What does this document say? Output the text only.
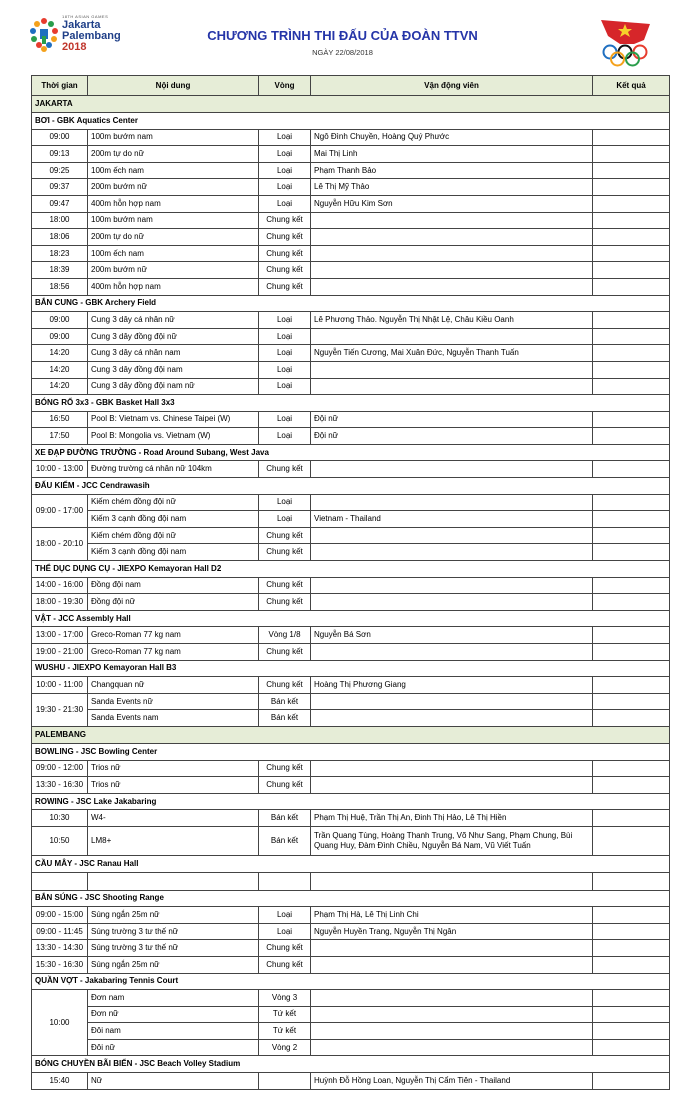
18TH ASIAN GAMES
Jakarta
Palembang
2018
CHƯƠNG TRÌNH THI ĐẤU CỦA ĐOÀN TTVN
NGÀY 22/08/2018
Thời gian	Nội dung	Vòng	Vận động viên	Kết quả
JAKARTA				
BƠI - GBK Aquatics Center				
09:00	100m bướm nam	Loại	Ngô Đình Chuyền, Hoàng Quý Phước	
09:13	200m tự do nữ	Loại	Mai Thị Linh	
09:25	100m ếch nam	Loại	Phạm Thanh Bảo	
09:37	200m bướm nữ	Loại	Lê Thị Mỹ Thảo	
09:47	400m hỗn hợp nam	Loại	Nguyễn Hữu Kim Sơn	
18:00	100m bướm nam	Chung kết		
18:06	200m tự do nữ	Chung kết		
18:23	100m ếch nam	Chung kết		
18:39	200m bướm nữ	Chung kết		
18:56	400m hỗn hợp nam	Chung kết		
BẮN CUNG - GBK Archery Field				
09:00	Cung 3 dây cá nhân nữ	Loại	Lê Phương Thảo. Nguyễn Thị Nhật Lệ, Châu Kiều Oanh	
09:00	Cung 3 dây đồng đội nữ	Loại		
14:20	Cung 3 dây cá nhân nam	Loại	Nguyễn Tiến Cương, Mai Xuân Đức, Nguyễn Thanh Tuấn	
14:20	Cung 3 dây đồng đội nam	Loại		
14:20	Cung 3 dây đồng đội nam nữ	Loại		
BÓNG RỔ 3x3 - GBK Basket Hall 3x3				
16:50	Pool B: Vietnam vs. Chinese Taipei (W)	Loại	Đội nữ	
17:50	Pool B: Mongolia vs. Vietnam (W)	Loại	Đội nữ	
XE ĐẠP ĐƯỜNG TRƯỜNG - Road Around Subang, West Java				
10:00 - 13:00	Đường trường cá nhân nữ 104km	Chung kết		
ĐẤU KIẾM - JCC Cendrawasih				
09:00 - 17:00	Kiếm chém đồng đội nữ	Loại		
	Kiếm 3 cạnh đồng đội nam	Loại	Vietnam - Thailand	
18:00 - 20:10	Kiếm chém đồng đội nữ	Chung kết		
	Kiếm 3 cạnh đồng đội nam	Chung kết		
THỂ DỤC DỤNG CỤ - JIEXPO Kemayoran Hall D2				
14:00 - 16:00	Đồng đội nam	Chung kết		
18:00 - 19:30	Đồng đội nữ	Chung kết		
VẬT - JCC Assembly Hall				
13:00 - 17:00	Greco-Roman 77 kg nam	Vòng 1/8	Nguyễn Bá Sơn	
19:00 - 21:00	Greco-Roman 77 kg nam	Chung kết		
WUSHU - JIEXPO Kemayoran Hall B3				
10:00 - 11:00	Changquan nữ	Chung kết	Hoàng Thị Phương Giang	
19:30 - 21:30	Sanda Events nữ	Bán kết		
	Sanda Events nam	Bán kết		
PALEMBANG				
BOWLING - JSC Bowling Center				
09:00 - 12:00	Trios nữ	Chung kết		
13:30 - 16:30	Trios nữ	Chung kết		
ROWING - JSC Lake Jakabaring				
10:30	W4-	Bán kết	Phạm Thị Huệ, Trần Thị An, Đinh Thị Hảo, Lê Thị Hiền	
10:50	LM8+	Bán kết	Trần Quang Tùng, Hoàng Thanh Trung, Võ Như Sang, Phạm Chung, Bùi Quang Huy, Đàm Đình Chiều, Nguyễn Bá Nam, Vũ Viết Tuấn	
CẦU MÂY - JSC Ranau Hall				

BẮN SÚNG - JSC Shooting Range				
09:00 - 15:00	Súng ngắn 25m nữ	Loại	Phạm Thị Hà, Lê Thị Linh Chi	
09:00 - 11:45	Súng trường 3 tư thế nữ	Loại	Nguyễn Huyền Trang, Nguyễn Thị Ngân	
13:30 - 14:30	Súng trường 3 tư thế nữ	Chung kết		
15:30 - 16:30	Súng ngắn 25m nữ	Chung kết		
QUẦN VỢT - Jakabaring Tennis Court				
10:00	Đơn nam	Vòng 3		
	Đơn nữ	Tứ kết		
	Đôi nam	Tứ kết		
	Đôi nữ	Vòng 2		
BÓNG CHUYỀN BÃI BIỂN - JSC Beach Volley Stadium				
15:40	Nữ		Huỳnh Đỗ Hồng Loan, Nguyễn Thị Cẩm Tiên - Thailand	
